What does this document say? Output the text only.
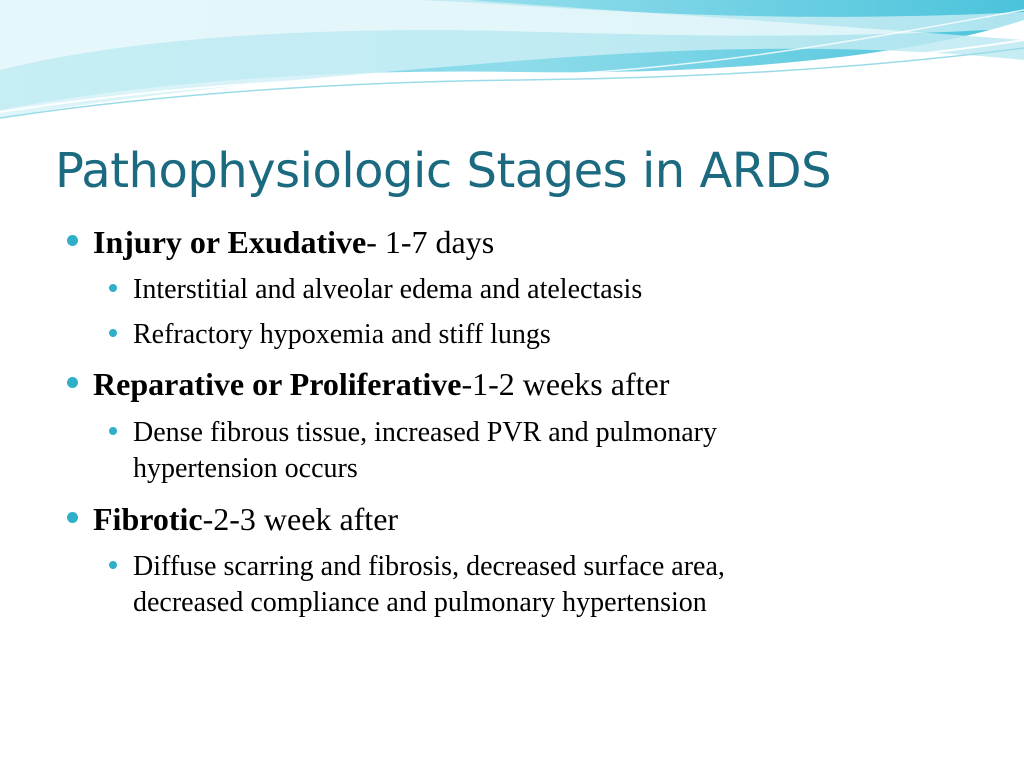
Pathophysiologic Stages in ARDS
Injury or Exudative- 1-7 days
Interstitial and alveolar edema and atelectasis
Refractory hypoxemia and stiff lungs
Reparative or Proliferative-1-2 weeks after
Dense fibrous tissue, increased PVR and pulmonary
hypertension occurs
Fibrotic-2-3 week after
Diffuse scarring and fibrosis, decreased surface area,
decreased compliance and pulmonary hypertension
